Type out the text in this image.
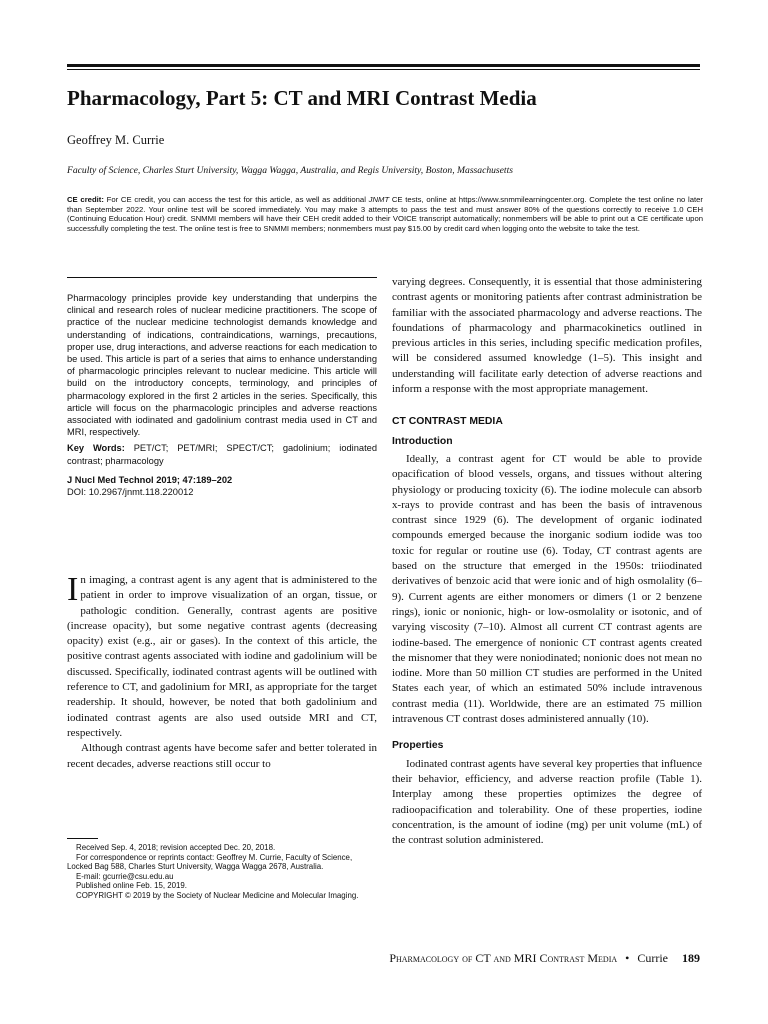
Pharmacology, Part 5: CT and MRI Contrast Media
Geoffrey M. Currie
Faculty of Science, Charles Sturt University, Wagga Wagga, Australia, and Regis University, Boston, Massachusetts
CE credit: For CE credit, you can access the test for this article, as well as additional JNMT CE tests, online at https://www.snmmilearningcenter.org. Complete the test online no later than September 2022. Your online test will be scored immediately. You may make 3 attempts to pass the test and must answer 80% of the questions correctly to receive 1.0 CEH (Continuing Education Hour) credit. SNMMI members will have their CEH credit added to their VOICE transcript automatically; nonmembers will be able to print out a CE certificate upon successfully completing the test. The online test is free to SNMMI members; nonmembers must pay $15.00 by credit card when logging onto the website to take the test.

Pharmacology principles provide key understanding that underpins the clinical and research roles of nuclear medicine practitioners. The scope of practice of the nuclear medicine technologist demands knowledge and understanding of indications, contraindications, warnings, precautions, proper use, drug interactions, and adverse reactions for each medication to be used. This article is part of a series that aims to enhance understanding of pharmacologic principles relevant to nuclear medicine. This article will build on the introductory concepts, terminology, and principles of pharmacology explored in the first 2 articles in the series. Specifically, this article will focus on the pharmacologic principles and adverse reactions associated with iodinated and gadolinium contrast media used in CT and MRI, respectively.

Key Words: PET/CT; PET/MRI; SPECT/CT; gadolinium; iodinated contrast; pharmacology

J Nucl Med Technol 2019; 47:189–202

DOI: 10.2967/jnmt.118.220012

In imaging, a contrast agent is any agent that is administered to the patient in order to improve visualization of an organ, tissue, or pathologic condition. Generally, contrast agents are positive (increase opacity), but some negative contrast agents (decreasing opacity) exist (e.g., air or gases). In the context of this article, the positive contrast agents associated with iodine and gadolinium will be discussed. Specifically, iodinated contrast agents will be outlined with reference to CT, and gadolinium for MRI, as appropriate for the target readership. It should, however, be noted that both gadolinium and iodinated contrast agents are also used outside MRI and CT, respectively.

Although contrast agents have become safer and better tolerated in recent decades, adverse reactions still occur to

Received Sep. 4, 2018; revision accepted Dec. 20, 2018.

For correspondence or reprints contact: Geoffrey M. Currie, Faculty of Science, Locked Bag 588, Charles Sturt University, Wagga Wagga 2678, Australia.

E-mail: gcurrie@csu.edu.au

Published online Feb. 15, 2019.

COPYRIGHT © 2019 by the Society of Nuclear Medicine and Molecular Imaging.

varying degrees. Consequently, it is essential that those administering contrast agents or monitoring patients after contrast administration be familiar with the associated pharmacology and adverse reactions. The foundations of pharmacology and pharmacokinetics outlined in previous articles in this series, including specific medication profiles, will be considered assumed knowledge (1–5). This insight and understanding will facilitate early detection of adverse reactions and inform a response with the most appropriate management.

CT CONTRAST MEDIA
Introduction

Ideally, a contrast agent for CT would be able to provide opacification of blood vessels, organs, and tissues without altering physiology or producing toxicity (6). The iodine molecule can absorb x-rays to provide contrast and has been the basis of intravenous contrast since 1929 (6). The development of organic iodinated compounds emerged because the inorganic sodium iodide was too toxic for regular or routine use (6). Today, CT contrast agents are based on the structure that emerged in the 1950s: triiodinated derivatives of benzoic acid that were ionic and of high osmolality (6–9). Current agents are either monomers or dimers (1 or 2 benzene rings), ionic or nonionic, high- or low-osmolality or isotonic, and of varying viscosity (7–10). Almost all current CT contrast agents are iodine-based. The emergence of nonionic CT contrast agents created the misnomer that they were noniodinated; nonionic does not mean no iodine. More than 50 million CT studies are performed in the United States each year, of which an estimated 50% include intravenous contrast media (11). Worldwide, there are an estimated 75 million intravenous CT contrast doses administered annually (10).

Properties

Iodinated contrast agents have several key properties that influence their behavior, efficiency, and adverse reaction profile (Table 1). Interplay among these properties optimizes the degree of radioopacification and tolerability. One of these properties, iodine concentration, is the amount of iodine (mg) per unit volume (mL) of the contrast solution administered.

Pharmacology of CT and MRI Contrast Media • Currie 189
